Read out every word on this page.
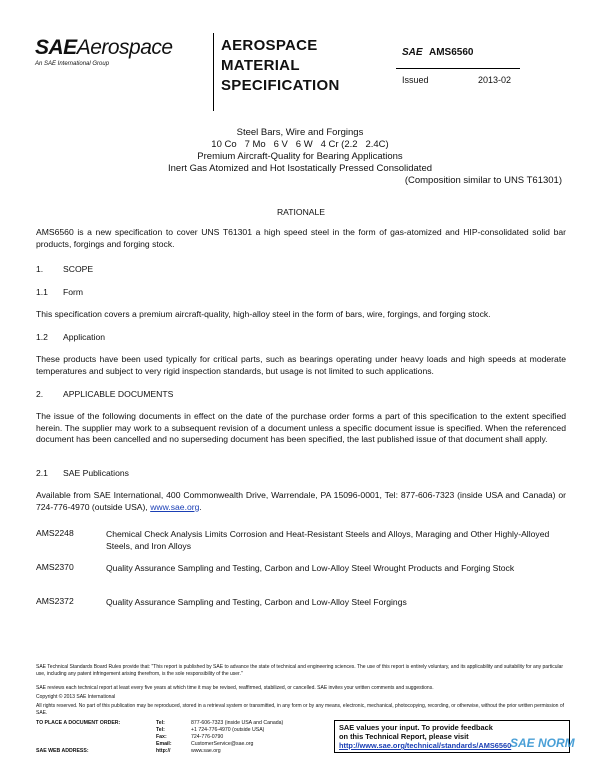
SAEAerospace
An SAE International Group
AEROSPACE
MATERIAL
SPECIFICATION
SAE AMS6560
Issued	2013-02
Steel Bars, Wire and Forgings
10 Co   7 Mo   6 V   6 W   4 Cr (2.2   2.4C)
Premium Aircraft-Quality for Bearing Applications
Inert Gas Atomized and Hot Isostatically Pressed Consolidated
(Composition similar to UNS T61301)
RATIONALE
AMS6560 is a new specification to cover UNS T61301 a high speed steel in the form of gas-atomized and HIP-consolidated solid bar products, forgings and forging stock.
1. SCOPE
1.1 Form
This specification covers a premium aircraft-quality, high-alloy steel in the form of bars, wire, forgings, and forging stock.
1.2 Application
These products have been used typically for critical parts, such as bearings operating under heavy loads and high speeds at moderate temperatures and subject to very rigid inspection standards, but usage is not limited to such applications.
2. APPLICABLE DOCUMENTS
The issue of the following documents in effect on the date of the purchase order forms a part of this specification to the extent specified herein. The supplier may work to a subsequent revision of a document unless a specific document issue is specified. When the referenced document has been cancelled and no superseding document has been specified, the last published issue of that document shall apply.
2.1 SAE Publications
Available from SAE International, 400 Commonwealth Drive, Warrendale, PA 15096-0001, Tel: 877-606-7323 (inside USA and Canada) or 724-776-4970 (outside USA), www.sae.org.
AMS2248	Chemical Check Analysis Limits Corrosion and Heat-Resistant Steels and Alloys, Maraging and Other Highly-Alloyed Steels, and Iron Alloys
AMS2370	Quality Assurance Sampling and Testing, Carbon and Low-Alloy Steel Wrought Products and Forging Stock
AMS2372	Quality Assurance Sampling and Testing, Carbon and Low-Alloy Steel Forgings
SAE Technical Standards Board Rules provide that: "This report is published by SAE to advance the state of technical and engineering sciences. The use of this report is entirely voluntary, and its applicability and suitability for any particular use, including any patent infringement arising therefrom, is the sole responsibility of the user."
SAE reviews each technical report at least every five years at which time it may be revised, reaffirmed, stabilized, or cancelled. SAE invites your written comments and suggestions.
Copyright © 2013 SAE International
All rights reserved. No part of this publication may be reproduced, stored in a retrieval system or transmitted, in any form or by any means, electronic, mechanical, photocopying, recording, or otherwise, without the prior written permission of SAE.
TO PLACE A DOCUMENT ORDER:	Tel:	877-606-7323 (inside USA and Canada)
Tel:	+1 724-776-4970 (outside USA)
Fax:	724-776-0790
Email:	CustomerService@sae.org
SAE WEB ADDRESS:	http://	www.sae.org
SAE values your input. To provide feedback
on this Technical Report, please visit
http://www.sae.org/technical/standards/AMS6560
SAE NORM
